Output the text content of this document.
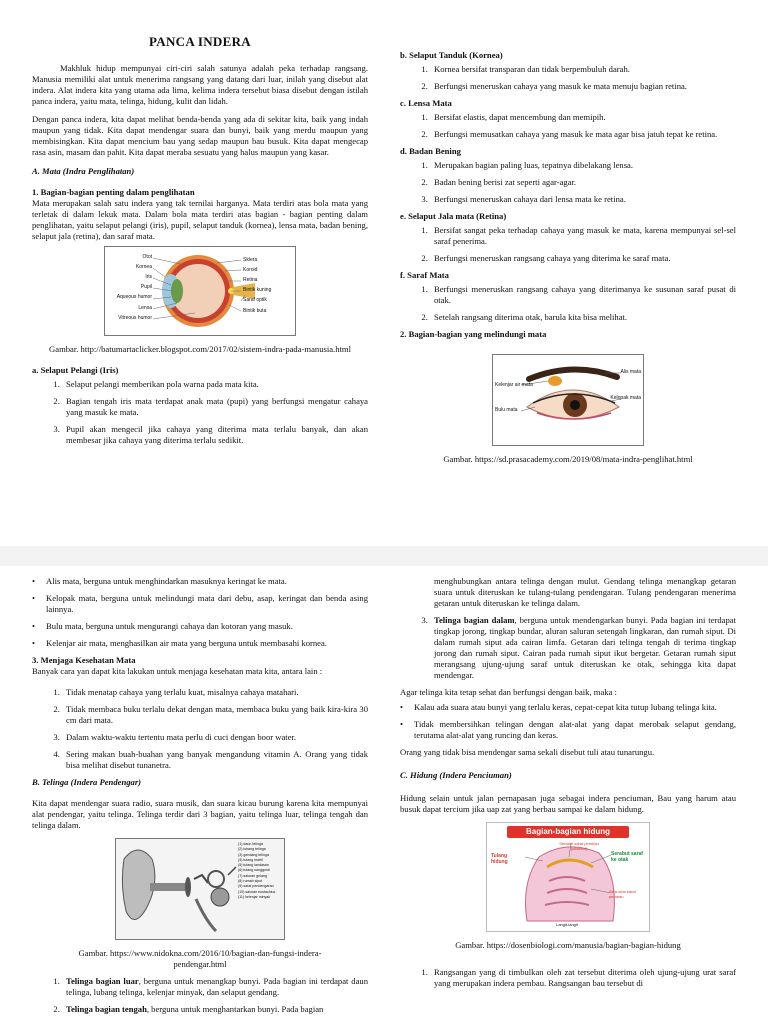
PANCA INDERA

Makhluk hidup mempunyai ciri-ciri salah satunya adalah peka terhadap rangsang. Manusia memiliki alat untuk menerima rangsang yang datang dari luar, inilah yang disebut alat indera. Alat indera kita yang utama ada lima, kelima indera tersebut biasa disebut dengan istilah panca indera, yaitu mata, telinga, hidung, kulit dan lidah.

Dengan panca indera, kita dapat melihat benda-benda yang ada di sekitar kita, baik yang indah maupun yang tidak. Kita dapat mendengar suara dan bunyi, baik yang merdu maupun yang membisingkan. Kita dapat mencium bau yang sedap maupun bau busuk. Kita dapat mengecap rasa asin, masam dan pahit. Kita dapat meraba sesuatu yang halus maupun yang kasar.

A. Mata (Indra Penglihatan)
1. Bagian-bagian penting dalam penglihatan

Mata merupakan salah satu indera yang tak ternilai harganya. Mata terdiri atas bola mata yang terletak di dalam lekuk mata. Dalam bola mata terdiri atas bagian - bagian penting dalam penglihatan, yaitu selaput pelangi (iris), pupil, selaput tanduk (kornea), lensa mata, badan bening, selaput jala (retina), dan saraf mata.

Otot
Kornea
Iris
Pupil
Aqueous humor
Lensa
Vitreous humor
Sklera
Koroid
Retina
Bintik kuning
Saraf optik
Bintik buta
Gambar. http://batumartaclicker.blogspot.com/2017/02/sistem-indra-pada-manusia.html
a. Selaput Pelangi (Iris)
1. Selaput pelangi memberikan pola warna pada mata kita.
2. Bagian tengah iris mata terdapat anak mata (pupi) yang berfungsi mengatur cahaya yang masuk ke mata.
3. Pupil akan mengecil jika cahaya yang diterima mata terlalu banyak, dan akan membesar jika cahaya yang diterima terlalu sedikit.
b. Selaput Tanduk (Kornea)
1. Kornea bersifat transparan dan tidak berpembuluh darah.
2. Berfungsi meneruskan cahaya yang masuk ke mata menuju bagian retina.
c. Lensa Mata
1. Bersifat elastis, dapat mencembung dan memipih.
2. Berfungsi memusatkan cahaya yang masuk ke mata agar bisa jatuh tepat ke retina.
d. Badan Bening
1. Merupakan bagian paling luas, tepatnya dibelakang lensa.
2. Badan bening berisi zat seperti agar-agar.
3. Berfungsi meneruskan cahaya dari lensa mata ke retina.
e. Selaput Jala mata (Retina)
1. Bersifat sangat peka terhadap cahaya yang masuk ke mata, karena mempunyai sel-sel saraf penerima.
2. Berfungsi meneruskan rangsang cahaya yang diterima ke saraf mata.
f. Saraf Mata
1. Berfungsi meneruskan rangsang cahaya yang diterimanya ke susunan saraf pusat di otak.
2. Setelah rangsang diterima otak, barula kita bisa melihat.
2. Bagian-bagian yang melindungi mata
Alis mata
Kelenjar air mata
Kelopak mata
Bulu mata
Gambar. https://sd.prasacademy.com/2019/08/mata-indra-penglihat.html
• Alis mata, berguna untuk menghindarkan masuknya keringat ke mata.
• Kelopak mata, berguna untuk melindungi mata dari debu, asap, keringat dan benda asing lainnya.
• Bulu mata, berguna untuk mengurangi cahaya dan kotoran yang masuk.
• Kelenjar air mata, menghasilkan air mata yang berguna untuk membasahi kornea.
3. Menjaga Kesehatan Mata

Banyak cara yan dapat kita lakukan untuk menjaga kesehatan mata kita, antara lain :

1. Tidak menatap cahaya yang terlalu kuat, misalnya cahaya matahari.
2. Tidak membaca buku terlalu dekat dengan mata, membaca buku yang baik kira-kira 30 cm dari mata.
3. Dalam waktu-waktu tertentu mata perlu di cuci dengan boor water.
4. Sering makan buah-buahan yang banyak mengandung vitamin A. Orang yang tidak bisa melihat disebut tunanetra.
B. Telinga (Indera Pendengar)

Kita dapat mendengar suara radio, suara musik, dan suara kicau burung karena kita mempunyai alat pendengar, yaitu telinga. Telinga terdir dari 3 bagian, yaitu telinga luar, telinga tengah dan telinga dalam.

(1) daun telinga
(2) lubang telinga
(3) gendang telinga
(4) tulang martil
(5) tulang landasan
(6) tulang sanggurdi
(7) saluran gelang
(8) rumah siput
(9) saraf pendengaran
(10) saluran eustachius
(11) kelenjar minyak
Gambar. https://www.nidokna.com/2016/10/bagian-dan-fungsi-indera-pendengar.html
1. Telinga bagian luar, berguna untuk menangkap bunyi. Pada bagian ini terdapat daun telinga, lubang telinga, kelenjar minyak, dan selaput gendang.
2. Telinga bagian tengah, berguna untuk menghantarkan bunyi. Pada bagian

menghubungkan antara telinga dengan mulut. Gendang telinga menangkap getaran suara untuk diteruskan ke tulang-tulang pendengaran. Tulang pendengaran menerima getaran untuk diteruskan ke telinga dalam.

3. Telinga bagian dalam, berguna untuk mendengarkan bunyi. Pada bagian ini terdapat tingkap jorong, tingkap bundar, aluran saluran setengah lingkaran, dan rumah siput. Di dalam rumah siput ada cairan limfa. Getaran dari telinga tengah di terima tingkap jorong dan rumah siput. Cairan pada rumah siput ikut bergetar. Getaran rumah siput merangsang ujung-ujung saraf untuk diteruskan ke otak, sehingga kita dapat mendengar.

Agar telinga kita tetap sehat dan berfungsi dengan baik, maka :

• Kalau ada suara atau bunyi yang terlalu keras, cepat-cepat kita tutup lubang telinga kita.
• Tidak membersihkan telingan dengan alat-alat yang dapat merobak selaput gendang, terutama alat-alat yang runcing dan keras.

Orang yang tidak bisa mendengar sama sekali disebut tuli atau tunarungu.

C. Hidung (Indera Penciuman)

Hidung selain untuk jalan pernapasan juga sebagai indera penciuman, Bau yang harum atau busuk dapat tercium jika uap zat yang berbau sampai ke dalam hidung.

Bagian-bagian hidung
Serabut saraf pembau (olfaktori)
Tulang hidung
Serabut saraf ke otak
Sela-sela saraf pembau
Langit-langit
Gambar. https://dosenbiologi.com/manusia/bagian-bagian-hidung
1. Rangsangan yang di timbulkan oleh zat tersebut diterima oleh ujung-ujung urat saraf yang merupakan indera pembau. Rangsangan bau tersebut di
